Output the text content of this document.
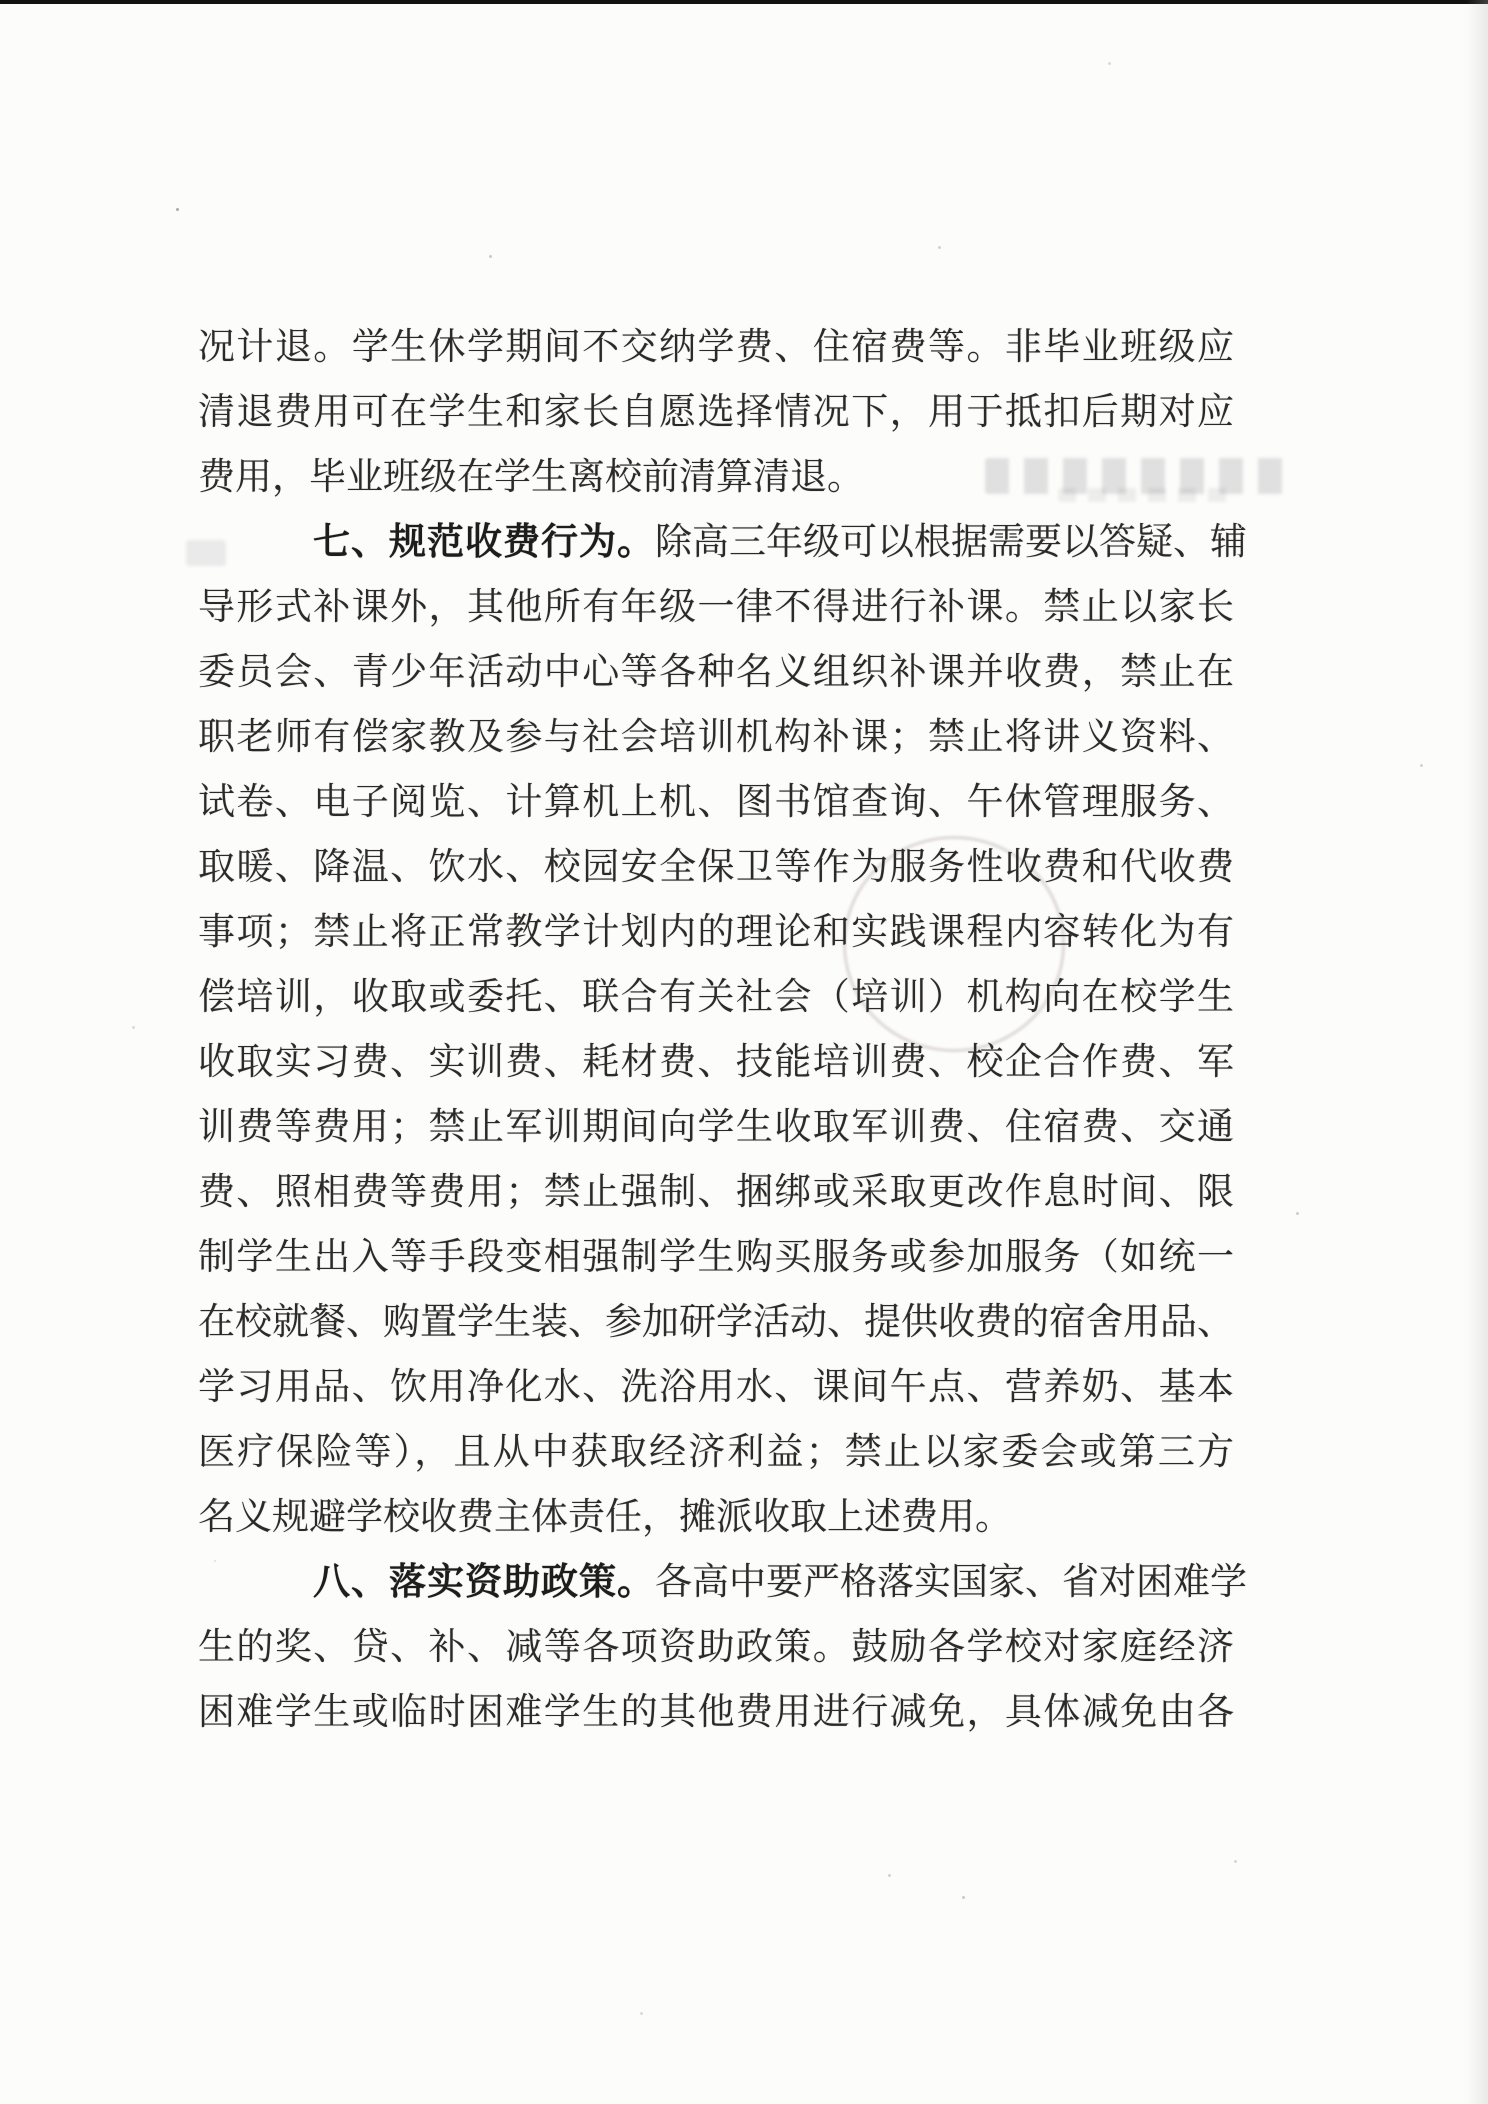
况计退。学生休学期间不交纳学费、住宿费等。非毕业班级应
清退费用可在学生和家长自愿选择情况下，用于抵扣后期对应
费用，毕业班级在学生离校前清算清退。
七、规范收费行为。除高三年级可以根据需要以答疑、辅
导形式补课外，其他所有年级一律不得进行补课。禁止以家长
委员会、青少年活动中心等各种名义组织补课并收费，禁止在
职老师有偿家教及参与社会培训机构补课；禁止将讲义资料、
试卷、电子阅览、计算机上机、图书馆查询、午休管理服务、
取暖、降温、饮水、校园安全保卫等作为服务性收费和代收费
事项；禁止将正常教学计划内的理论和实践课程内容转化为有
偿培训，收取或委托、联合有关社会（培训）机构向在校学生
收取实习费、实训费、耗材费、技能培训费、校企合作费、军
训费等费用；禁止军训期间向学生收取军训费、住宿费、交通
费、照相费等费用；禁止强制、捆绑或采取更改作息时间、限
制学生出入等手段变相强制学生购买服务或参加服务（如统一
在校就餐、购置学生装、参加研学活动、提供收费的宿舍用品、
学习用品、饮用净化水、洗浴用水、课间午点、营养奶、基本
医疗保险等），且从中获取经济利益；禁止以家委会或第三方
名义规避学校收费主体责任，摊派收取上述费用。
八、落实资助政策。各高中要严格落实国家、省对困难学
生的奖、贷、补、减等各项资助政策。鼓励各学校对家庭经济
困难学生或临时困难学生的其他费用进行减免，具体减免由各
